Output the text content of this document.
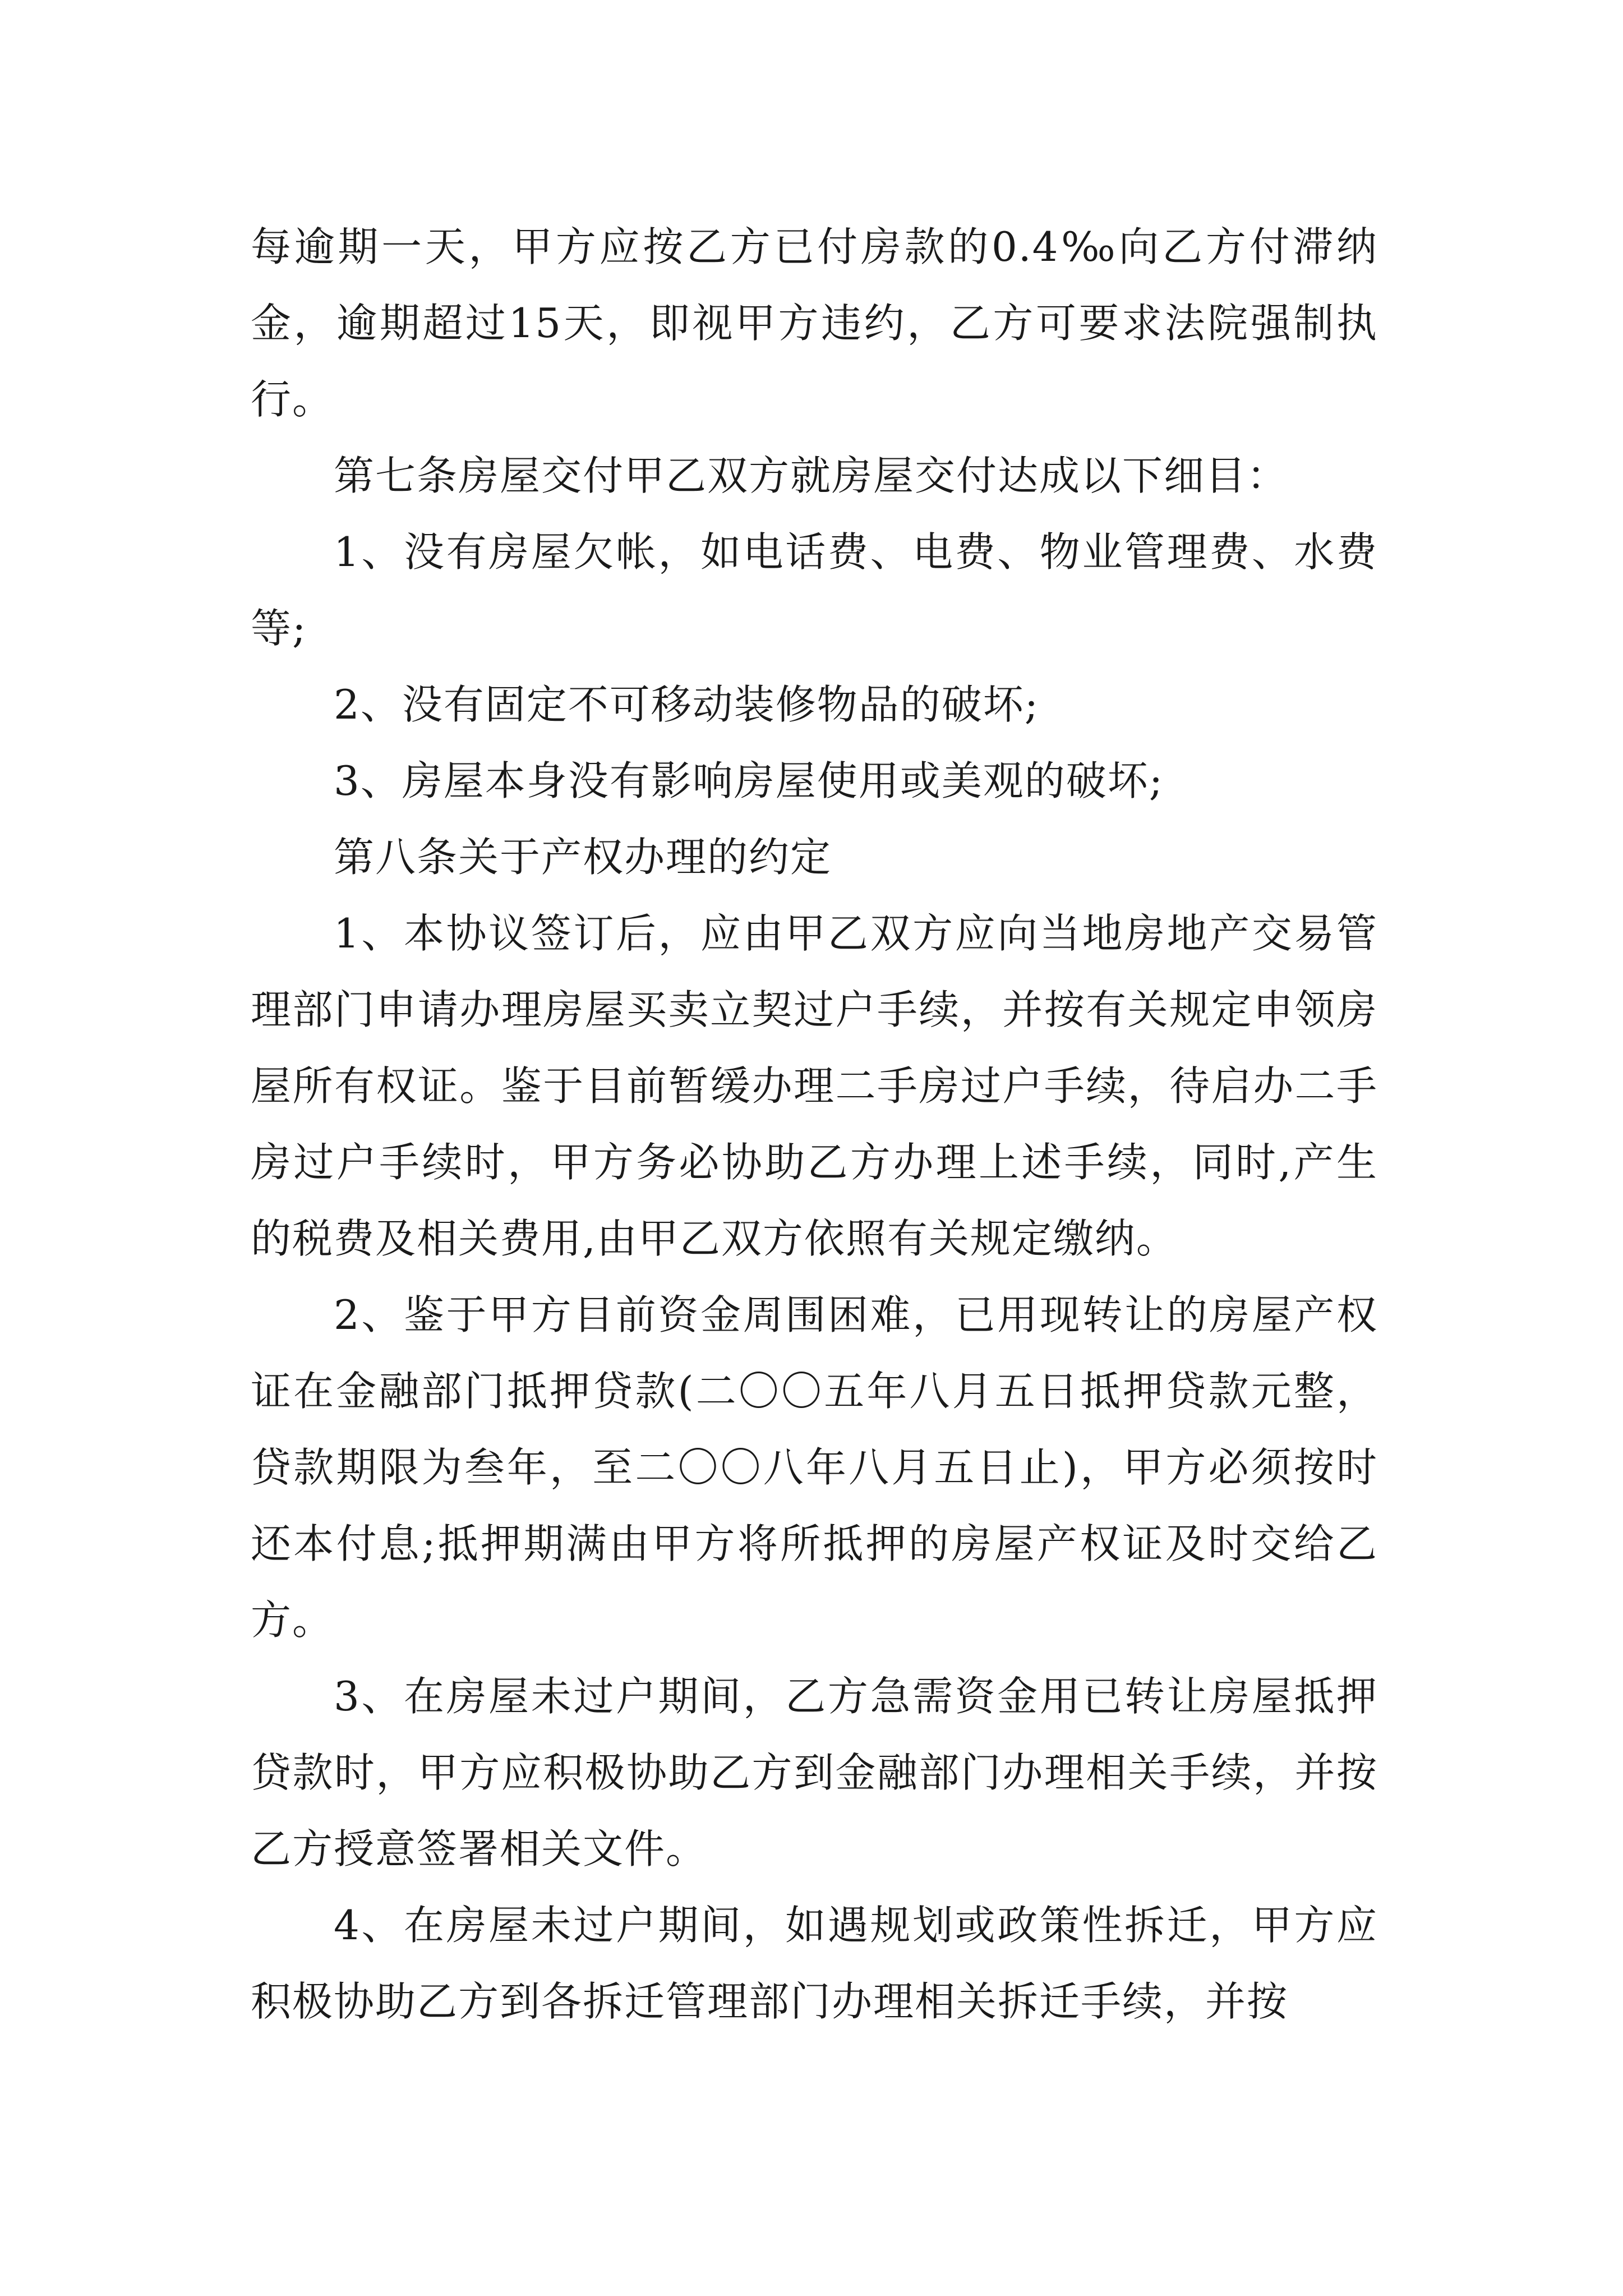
每逾期一天，甲方应按乙方已付房款的0.4‰向乙方付滞纳金，逾期超过15天，即视甲方违约，乙方可要求法院强制执行。

第七条房屋交付甲乙双方就房屋交付达成以下细目：

1、没有房屋欠帐，如电话费、电费、物业管理费、水费等;

2、没有固定不可移动装修物品的破坏;

3、房屋本身没有影响房屋使用或美观的破坏;

第八条关于产权办理的约定

1、本协议签订后，应由甲乙双方应向当地房地产交易管理部门申请办理房屋买卖立契过户手续，并按有关规定申领房屋所有权证。鉴于目前暂缓办理二手房过户手续，待启办二手房过户手续时，甲方务必协助乙方办理上述手续，同时,产生的税费及相关费用,由甲乙双方依照有关规定缴纳。

2、鉴于甲方目前资金周围困难，已用现转让的房屋产权证在金融部门抵押贷款(二〇〇五年八月五日抵押贷款元整，贷款期限为叁年，至二〇〇八年八月五日止)，甲方必须按时还本付息;抵押期满由甲方将所抵押的房屋产权证及时交给乙方。

3、在房屋未过户期间，乙方急需资金用已转让房屋抵押贷款时，甲方应积极协助乙方到金融部门办理相关手续，并按乙方授意签署相关文件。

4、在房屋未过户期间，如遇规划或政策性拆迁，甲方应积极协助乙方到各拆迁管理部门办理相关拆迁手续，并按
